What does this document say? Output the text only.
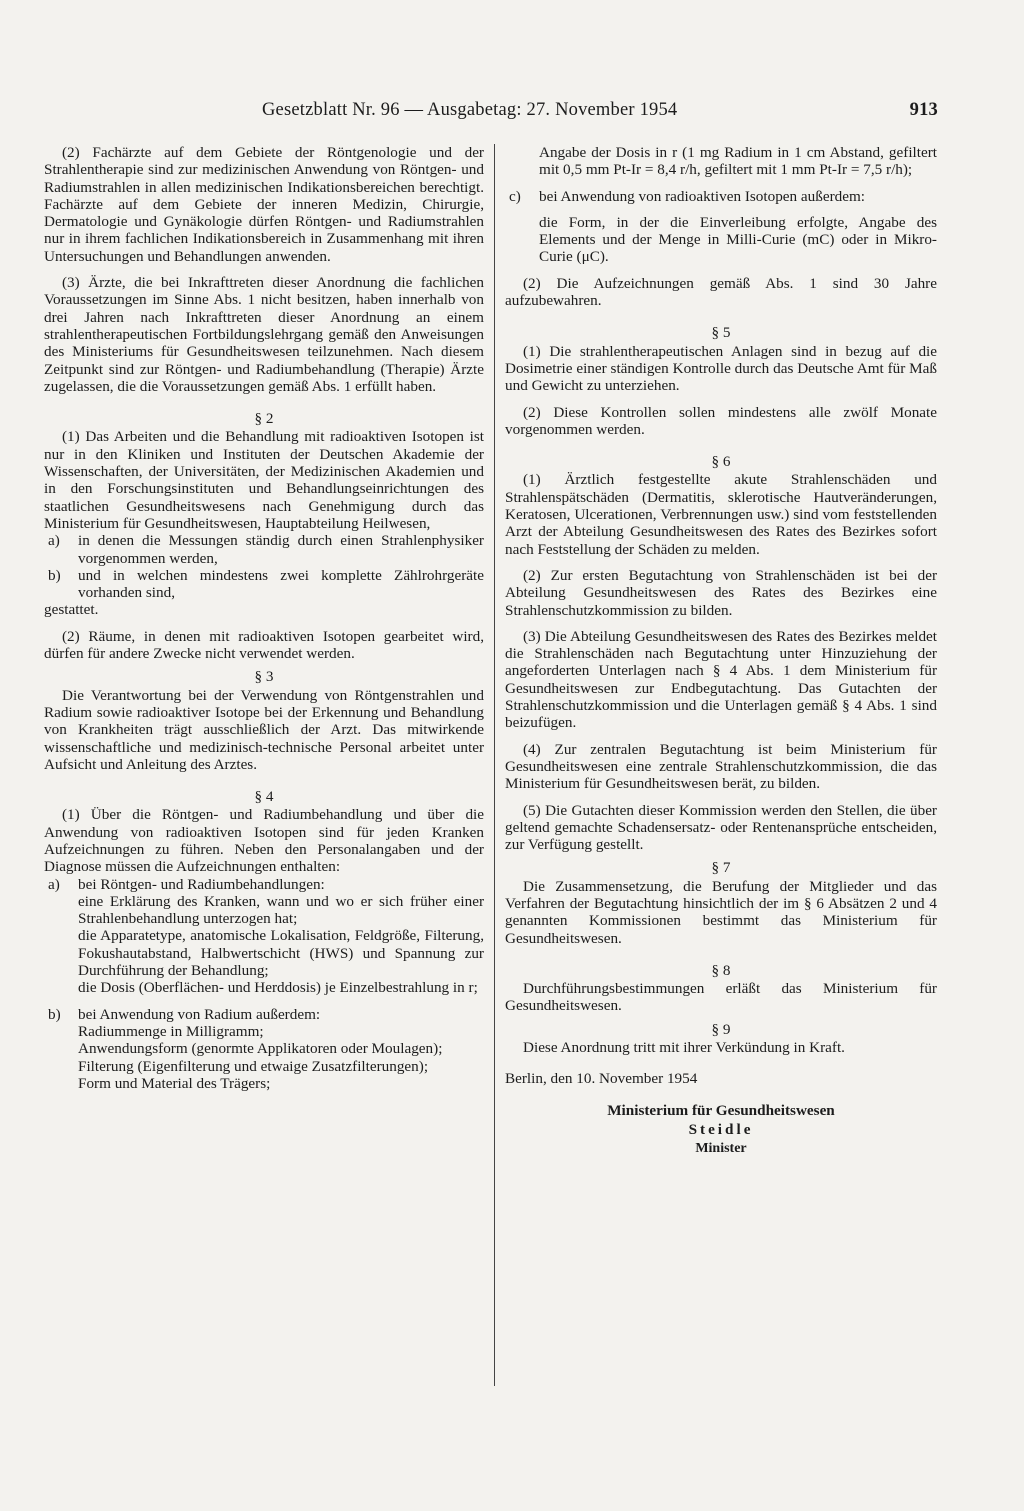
Gesetzblatt Nr. 96 — Ausgabetag: 27. November 1954	913

(2) Fachärzte auf dem Gebiete der Röntgenologie und der Strahlentherapie sind zur medizinischen Anwendung von Röntgen- und Radiumstrahlen in allen medizinischen Indikationsbereichen berechtigt. Fachärzte auf dem Gebiete der inneren Medizin, Chirurgie, Dermatologie und Gynäkologie dürfen Röntgen- und Radiumstrahlen nur in ihrem fachlichen Indikationsbereich in Zusammenhang mit ihren Untersuchungen und Behandlungen anwenden.

(3) Ärzte, die bei Inkrafttreten dieser Anordnung die fachlichen Voraussetzungen im Sinne Abs. 1 nicht besitzen, haben innerhalb von drei Jahren nach Inkrafttreten dieser Anordnung an einem strahlentherapeutischen Fortbildungslehrgang gemäß den Anweisungen des Ministeriums für Gesundheitswesen teilzunehmen. Nach diesem Zeitpunkt sind zur Röntgen- und Radiumbehandlung (Therapie) Ärzte zugelassen, die die Voraussetzungen gemäß Abs. 1 erfüllt haben.

§ 2

(1) Das Arbeiten und die Behandlung mit radioaktiven Isotopen ist nur in den Kliniken und Instituten der Deutschen Akademie der Wissenschaften, der Universitäten, der Medizinischen Akademien und in den Forschungsinstituten und Behandlungseinrichtungen des staatlichen Gesundheitswesens nach Genehmigung durch das Ministerium für Gesundheitswesen, Hauptabteilung Heilwesen,

a) in denen die Messungen ständig durch einen Strahlenphysiker vorgenommen werden,
b) und in welchen mindestens zwei komplette Zählrohrgeräte vorhanden sind,

gestattet.

(2) Räume, in denen mit radioaktiven Isotopen gearbeitet wird, dürfen für andere Zwecke nicht verwendet werden.

§ 3

Die Verantwortung bei der Verwendung von Röntgenstrahlen und Radium sowie radioaktiver Isotope bei der Erkennung und Behandlung von Krankheiten trägt ausschließlich der Arzt. Das mitwirkende wissenschaftliche und medizinisch-technische Personal arbeitet unter Aufsicht und Anleitung des Arztes.

§ 4

(1) Über die Röntgen- und Radiumbehandlung und über die Anwendung von radioaktiven Isotopen sind für jeden Kranken Aufzeichnungen zu führen. Neben den Personalangaben und der Diagnose müssen die Aufzeichnungen enthalten:

a) bei Röntgen- und Radiumbehandlungen:

eine Erklärung des Kranken, wann und wo er sich früher einer Strahlenbehandlung unterzogen hat;

die Apparatetype, anatomische Lokalisation, Feldgröße, Filterung, Fokushautabstand, Halbwertschicht (HWS) und Spannung zur Durchführung der Behandlung;

die Dosis (Oberflächen- und Herddosis) je Einzelbestrahlung in r;

b) bei Anwendung von Radium außerdem:

Radiummenge in Milligramm;

Anwendungsform (genormte Applikatoren oder Moulagen);

Filterung (Eigenfilterung und etwaige Zusatzfilterungen);

Form und Material des Trägers;

Angabe der Dosis in r (1 mg Radium in 1 cm Abstand, gefiltert mit 0,5 mm Pt-Ir = 8,4 r/h, gefiltert mit 1 mm Pt-Ir = 7,5 r/h);

c) bei Anwendung von radioaktiven Isotopen außerdem:

die Form, in der die Einverleibung erfolgte, Angabe des Elements und der Menge in Milli-Curie (mC) oder in Mikro-Curie (μC).

(2) Die Aufzeichnungen gemäß Abs. 1 sind 30 Jahre aufzubewahren.

§ 5

(1) Die strahlentherapeutischen Anlagen sind in bezug auf die Dosimetrie einer ständigen Kontrolle durch das Deutsche Amt für Maß und Gewicht zu unterziehen.

(2) Diese Kontrollen sollen mindestens alle zwölf Monate vorgenommen werden.

§ 6

(1) Ärztlich festgestellte akute Strahlenschäden und Strahlenspätschäden (Dermatitis, sklerotische Hautveränderungen, Keratosen, Ulcerationen, Verbrennungen usw.) sind vom feststellenden Arzt der Abteilung Gesundheitswesen des Rates des Bezirkes sofort nach Feststellung der Schäden zu melden.

(2) Zur ersten Begutachtung von Strahlenschäden ist bei der Abteilung Gesundheitswesen des Rates des Bezirkes eine Strahlenschutzkommission zu bilden.

(3) Die Abteilung Gesundheitswesen des Rates des Bezirkes meldet die Strahlenschäden nach Begutachtung unter Hinzuziehung der angeforderten Unterlagen nach § 4 Abs. 1 dem Ministerium für Gesundheitswesen zur Endbegutachtung. Das Gutachten der Strahlenschutzkommission und die Unterlagen gemäß § 4 Abs. 1 sind beizufügen.

(4) Zur zentralen Begutachtung ist beim Ministerium für Gesundheitswesen eine zentrale Strahlenschutzkommission, die das Ministerium für Gesundheitswesen berät, zu bilden.

(5) Die Gutachten dieser Kommission werden den Stellen, die über geltend gemachte Schadensersatz- oder Rentenansprüche entscheiden, zur Verfügung gestellt.

§ 7

Die Zusammensetzung, die Berufung der Mitglieder und das Verfahren der Begutachtung hinsichtlich der im § 6 Absätzen 2 und 4 genannten Kommissionen bestimmt das Ministerium für Gesundheitswesen.

§ 8

Durchführungsbestimmungen erläßt das Ministerium für Gesundheitswesen.

§ 9

Diese Anordnung tritt mit ihrer Verkündung in Kraft.

Berlin, den 10. November 1954

Ministerium für Gesundheitswesen

Steidle

Minister
